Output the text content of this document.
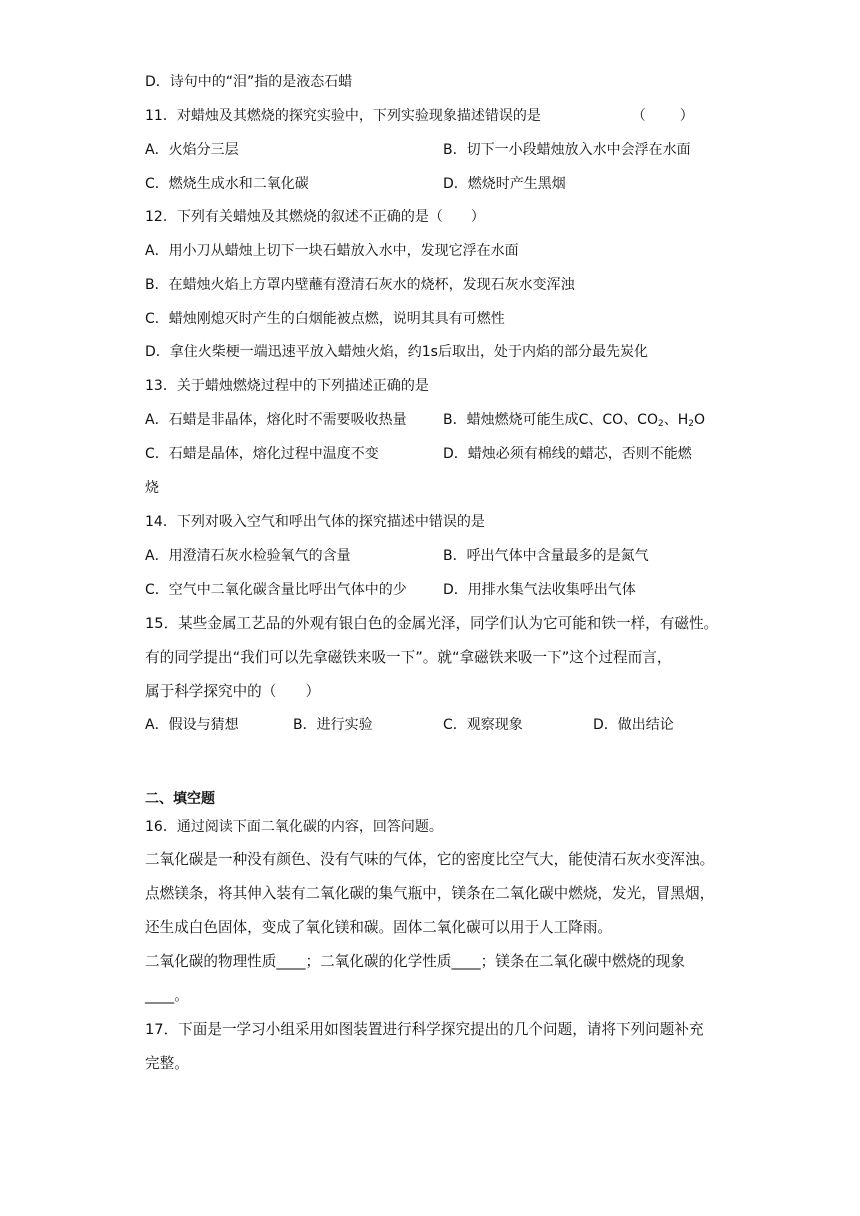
D．诗句中的“泪”指的是液态石蜡
11．对蜡烛及其燃烧的探究实验中，下列实验现象描述错误的是	（ ）
A．火焰分三层	B．切下一小段蜡烛放入水中会浮在水面
C．燃烧生成水和二氧化碳	D．燃烧时产生黑烟
12．下列有关蜡烛及其燃烧的叙述不正确的是（　　）
A．用小刀从蜡烛上切下一块石蜡放入水中，发现它浮在水面
B．在蜡烛火焰上方罩内壁蘸有澄清石灰水的烧杯，发现石灰水变浑浊
C．蜡烛刚熄灭时产生的白烟能被点燃，说明其具有可燃性
D．拿住火柴梗一端迅速平放入蜡烛火焰，约1s后取出，处于内焰的部分最先炭化
13．关于蜡烛燃烧过程中的下列描述正确的是
A．石蜡是非晶体，熔化时不需要吸收热量	B．蜡烛燃烧可能生成C、CO、$CO_2$、$H_2O$
C．石蜡是晶体，熔化过程中温度不变	D．蜡烛必须有棉线的蜡芯，否则不能燃
烧
14．下列对吸入空气和呼出气体的探究描述中错误的是
A．用澄清石灰水检验氧气的含量	B．呼出气体中含量最多的是氮气
C．空气中二氧化碳含量比呼出气体中的少	D．用排水集气法收集呼出气体
15．某些金属工艺品的外观有银白色的金属光泽，同学们认为它可能和铁一样，有磁性。
有的同学提出“我们可以先拿磁铁来吸一下”。就“拿磁铁来吸一下”这个过程而言，
属于科学探究中的（　　）
A．假设与猜想	B．进行实验	C．观察现象	D．做出结论
二、填空题
16．通过阅读下面二氧化碳的内容，回答问题。
二氧化碳是一种没有颜色、没有气味的气体，它的密度比空气大，能使清石灰水变浑浊。
点燃镁条，将其伸入装有二氧化碳的集气瓶中，镁条在二氧化碳中燃烧，发光，冒黑烟，
还生成白色固体，变成了氧化镁和碳。固体二氧化碳可以用于人工降雨。
二氧化碳的物理性质____；二氧化碳的化学性质____；镁条在二氧化碳中燃烧的现象
____。
17．下面是一学习小组采用如图装置进行科学探究提出的几个问题，请将下列问题补充
完整。
